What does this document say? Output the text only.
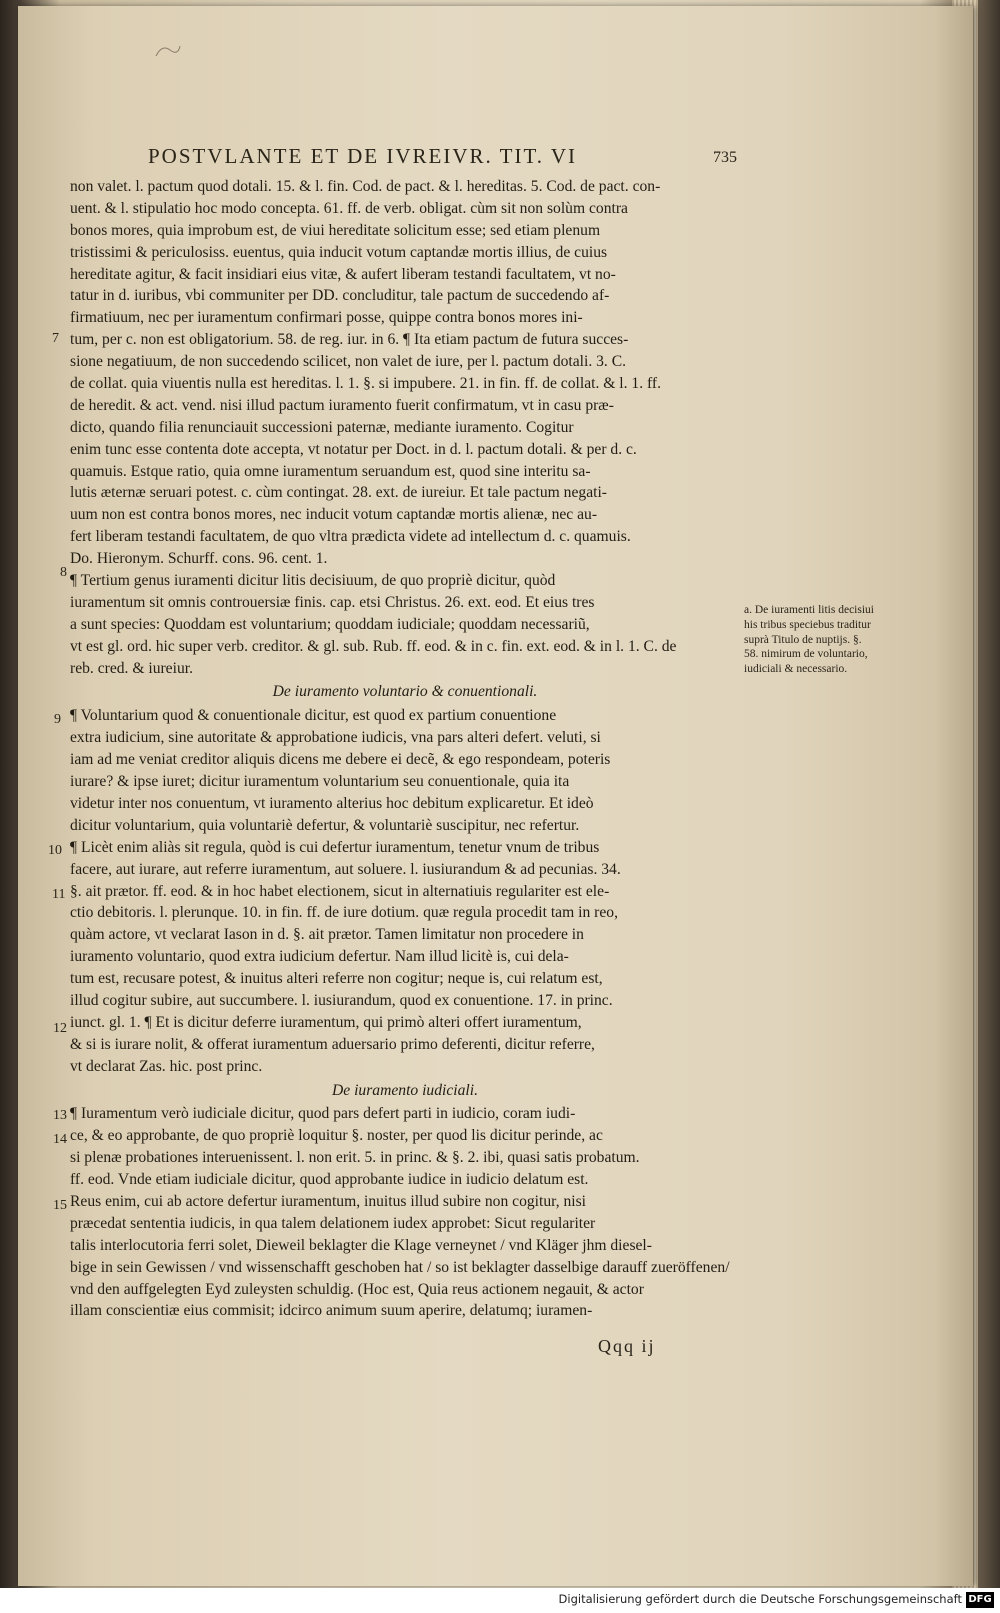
POSTVLANTE ET DE IVREIVR. TIT. VI	735
non valet. l. pactum quod dotali. 15. & l. fin. Cod. de pact. & l. hereditas. 5. Cod. de pact. con-
uent. & l. stipulatio hoc modo concepta. 61. ff. de verb. obligat. cùm sit non solùm contra
bonos mores, quia improbum est, de viui hereditate solicitum esse; sed etiam plenum
tristissimi & periculosiss. euentus, quia inducit votum captandæ mortis illius, de cuius
hereditate agitur, & facit insidiari eius vitæ, & aufert liberam testandi facultatem, vt no-
tatur in d. iuribus, vbi communiter per DD. concluditur, tale pactum de succedendo af-
firmatiuum, nec per iuramentum confirmari posse, quippe contra bonos mores ini-
tum, per c. non est obligatorium. 58. de reg. iur. in 6. ¶ Ita etiam pactum de futura succes-
sione negatiuum, de non succedendo scilicet, non valet de iure, per l. pactum dotali. 3. C.
de collat. quia viuentis nulla est hereditas. l. 1. §. si impubere. 21. in fin. ff. de collat. & l. 1. ff.
de heredit. & act. vend. nisi illud pactum iuramento fuerit confirmatum, vt in casu præ-
dicto, quando filia renunciauit successioni paternæ, mediante iuramento. Cogitur
enim tunc esse contenta dote accepta, vt notatur per Doct. in d. l. pactum dotali. & per d. c.
quamuis. Estque ratio, quia omne iuramentum seruandum est, quod sine interitu sa-
lutis æternæ seruari potest. c. cùm contingat. 28. ext. de iureiur. Et tale pactum negati-
uum non est contra bonos mores, nec inducit votum captandæ mortis alienæ, nec au-
fert liberam testandi facultatem, de quo vltra prædicta videte ad intellectum d. c. quamuis.
Do. Hieronym. Schurff. cons. 96. cent. 1.
¶ Tertium genus iuramenti dicitur litis decisiuum, de quo propriè dicitur, quòd
iuramentum sit omnis controuersiæ finis. cap. etsi Christus. 26. ext. eod. Et eius tres
a sunt species: Quoddam est voluntarium; quoddam iudiciale; quoddam necessariũ,
vt est gl. ord. hic super verb. creditor. & gl. sub. Rub. ff. eod. & in c. fin. ext. eod. & in l. 1. C. de
reb. cred. & iureiur.
De iuramento voluntario & conuentionali.
¶ Voluntarium quod & conuentionale dicitur, est quod ex partium conuentione
extra iudicium, sine autoritate & approbatione iudicis, vna pars alteri defert. veluti, si
iam ad me veniat creditor aliquis dicens me debere ei decẽ, & ego respondeam, poteris
iurare? & ipse iuret; dicitur iuramentum voluntarium seu conuentionale, quia ita
videtur inter nos conuentum, vt iuramento alterius hoc debitum explicaretur. Et ideò
dicitur voluntarium, quia voluntariè defertur, & voluntariè suscipitur, nec refertur.
¶ Licèt enim aliàs sit regula, quòd is cui defertur iuramentum, tenetur vnum de tribus
facere, aut iurare, aut referre iuramentum, aut soluere. l. iusiurandum & ad pecunias. 34.
§. ait prætor. ff. eod. & in hoc habet electionem, sicut in alternatiuis regulariter est ele-
ctio debitoris. l. plerunque. 10. in fin. ff. de iure dotium. quæ regula procedit tam in reo,
quàm actore, vt veclarat Iason in d. §. ait prætor. Tamen limitatur non procedere in
iuramento voluntario, quod extra iudicium defertur. Nam illud licitè is, cui dela-
tum est, recusare potest, & inuitus alteri referre non cogitur; neque is, cui relatum est,
illud cogitur subire, aut succumbere. l. iusiurandum, quod ex conuentione. 17. in princ.
iunct. gl. 1. ¶ Et is dicitur deferre iuramentum, qui primò alteri offert iuramentum,
& si is iurare nolit, & offerat iuramentum aduersario primo deferenti, dicitur referre,
vt declarat Zas. hic. post princ.
De iuramento iudiciali.
¶ Iuramentum verò iudiciale dicitur, quod pars defert parti in iudicio, coram iudi-
ce, & eo approbante, de quo propriè loquitur §. noster, per quod lis dicitur perinde, ac
si plenæ probationes interuenissent. l. non erit. 5. in princ. & §. 2. ibi, quasi satis probatum.
ff. eod. Vnde etiam iudiciale dicitur, quod approbante iudice in iudicio delatum est.
Reus enim, cui ab actore defertur iuramentum, inuitus illud subire non cogitur, nisi
præcedat sententia iudicis, in qua talem delationem iudex approbet: Sicut regulariter
talis interlocutoria ferri solet, Dieweil beklagter die Klage verneynet / vnd Kläger jhm diesel-
bige in sein Gewissen / vnd wissenschafft geschoben hat / so ist beklagter dasselbige darauff zueröffenen/
vnd den auffgelegten Eyd zuleysten schuldig. (Hoc est, Quia reus actionem negauit, & actor
illam conscientiæ eius commisit; idcirco animum suum aperire, delatumq; iuramen-
7
8
9
10
11
12
13
14
15
a. De iuramenti litis decisiui his tribus speciebus traditur suprà Titulo de nuptijs. §. 58. nimirum de voluntario, iudiciali & necessario.
Qqq ij
Digitalisierung gefördert durch die Deutsche Forschungsgemeinschaft DFG
